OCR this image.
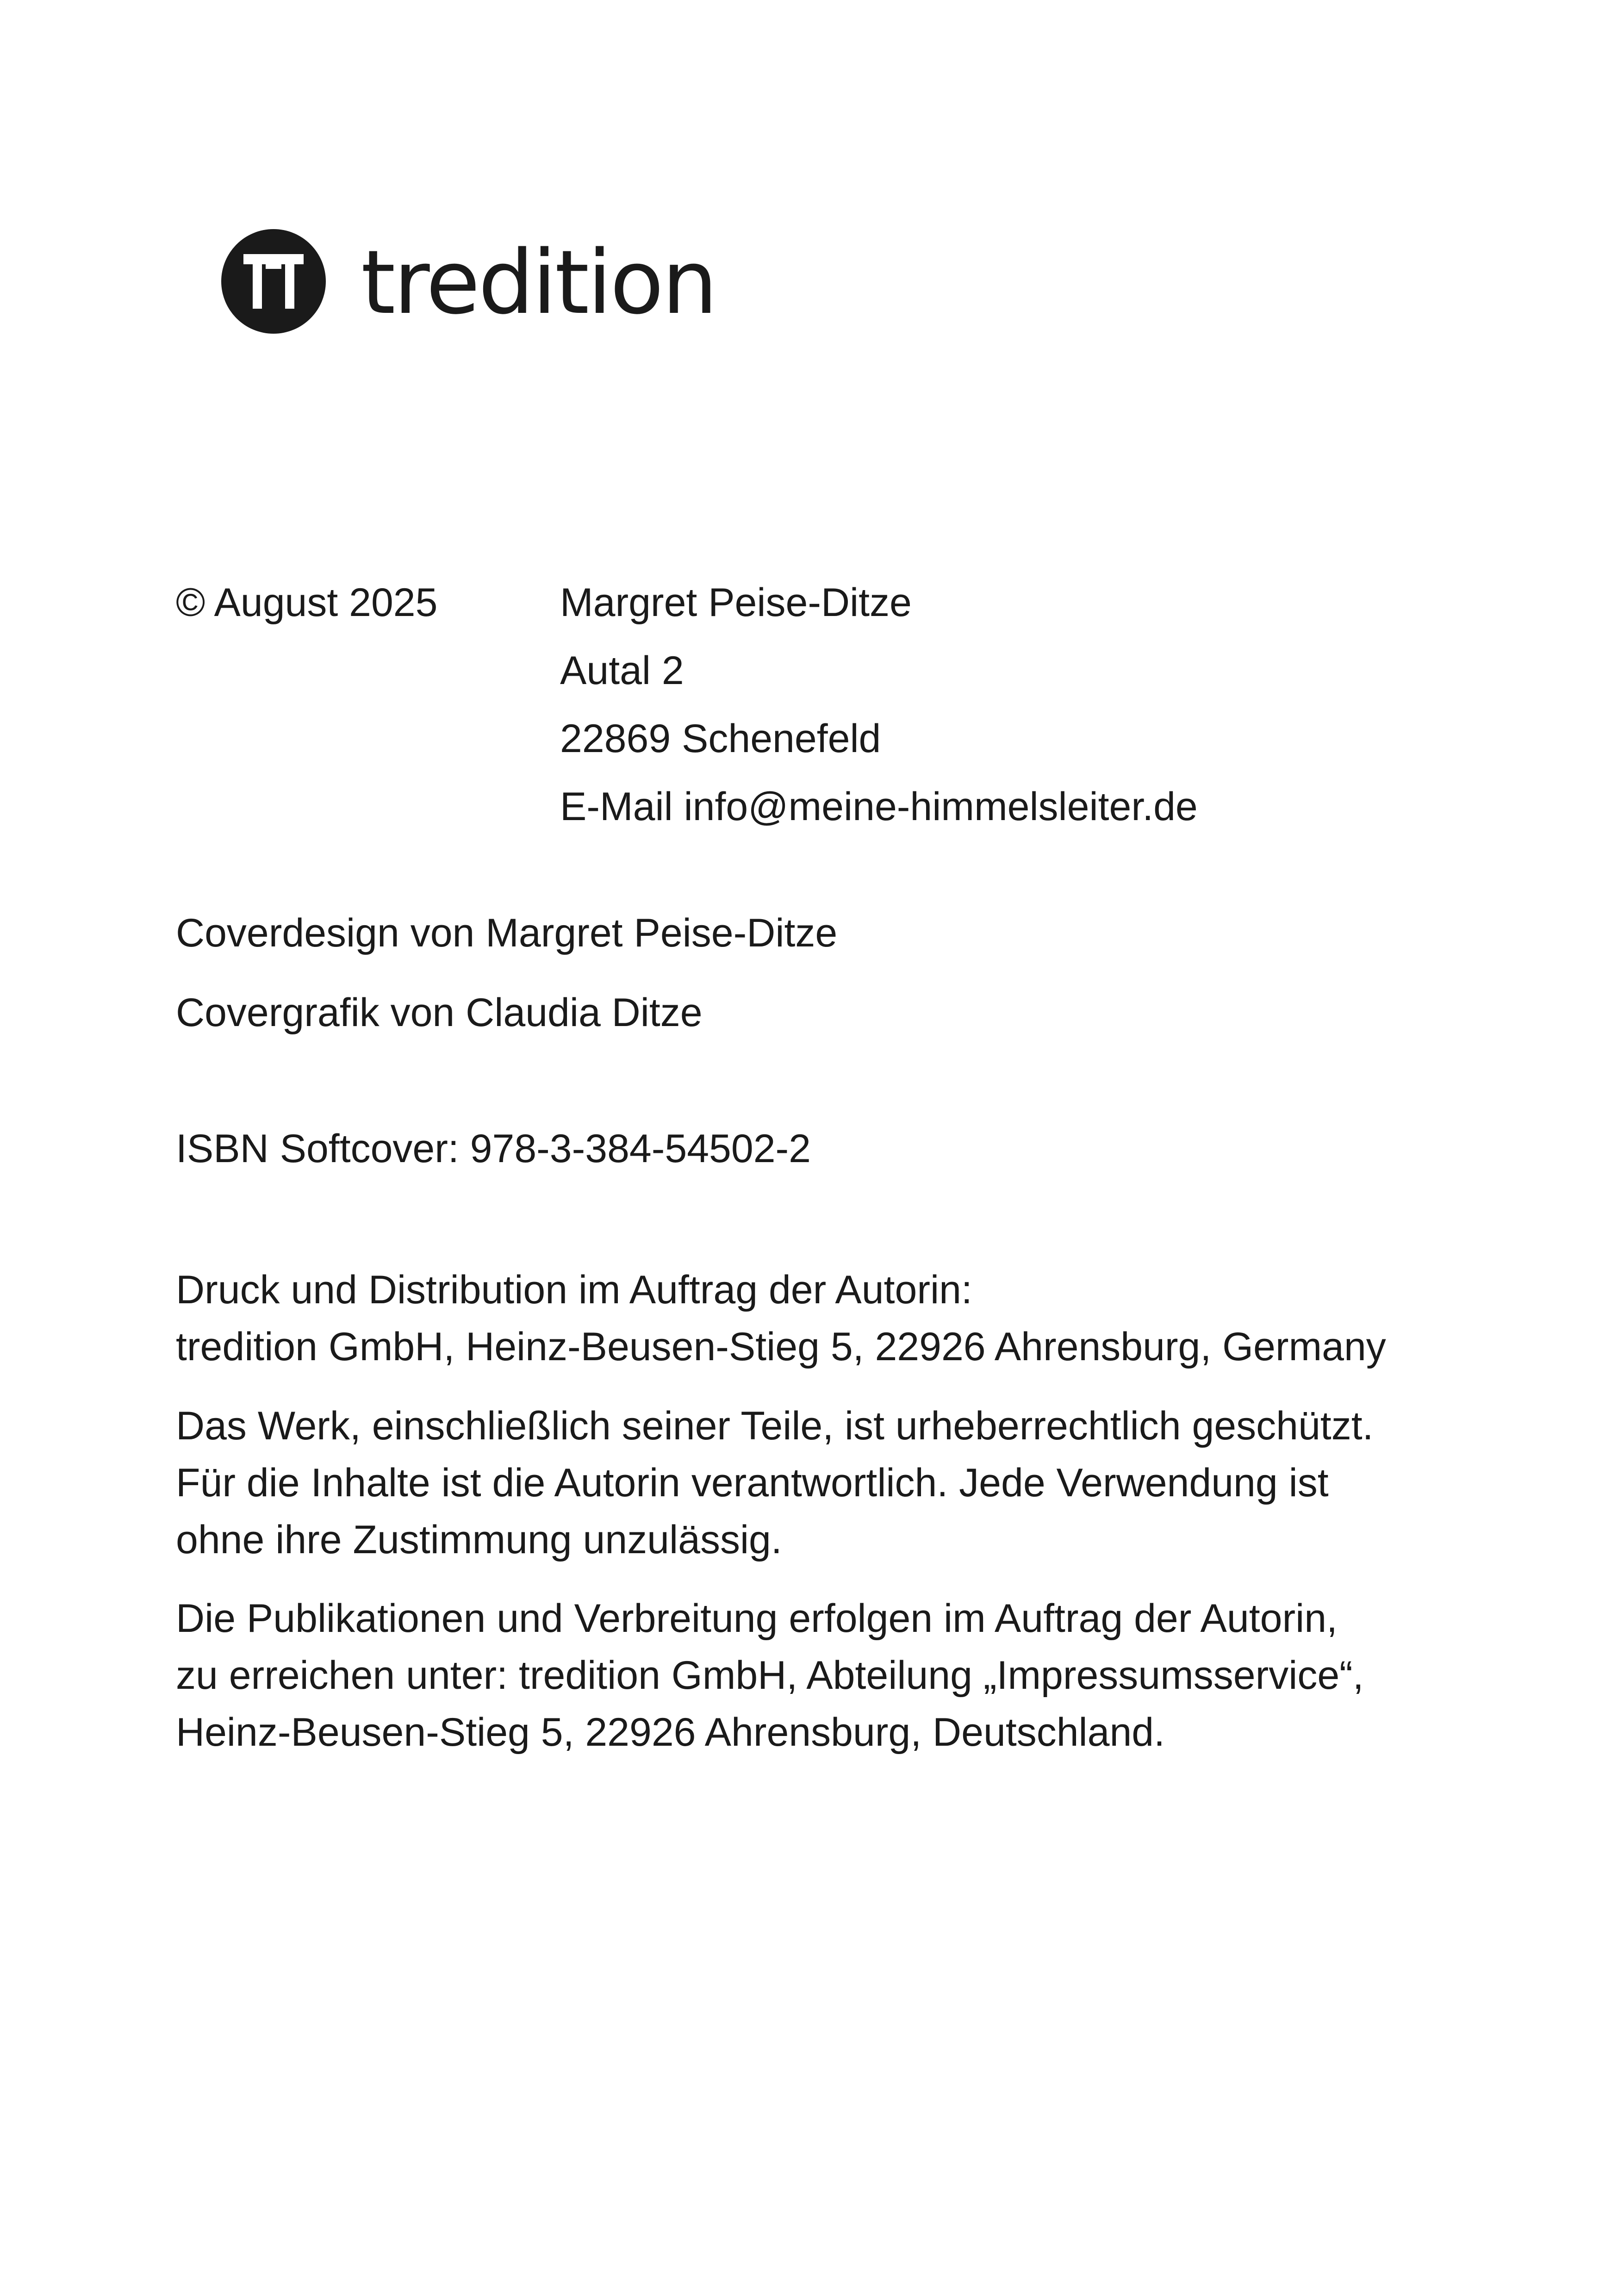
tredition

© August 2025	Margret Peise-Ditze

Autal 2

22869 Schenefeld

E-Mail info@meine-himmelsleiter.de

Coverdesign von Margret Peise-Ditze

Covergrafik von Claudia Ditze

ISBN Softcover: 978-3-384-54502-2

Druck und Distribution im Auftrag der Autorin:
tredition GmbH, Heinz-Beusen-Stieg 5, 22926 Ahrensburg, Germany

Das Werk, einschließlich seiner Teile, ist urheberrechtlich geschützt.
Für die Inhalte ist die Autorin verantwortlich. Jede Verwendung ist
ohne ihre Zustimmung unzulässig.

Die Publikationen und Verbreitung erfolgen im Auftrag der Autorin,
zu erreichen unter: tredition GmbH, Abteilung „Impressumsservice“,
Heinz-Beusen-Stieg 5, 22926 Ahrensburg, Deutschland.
